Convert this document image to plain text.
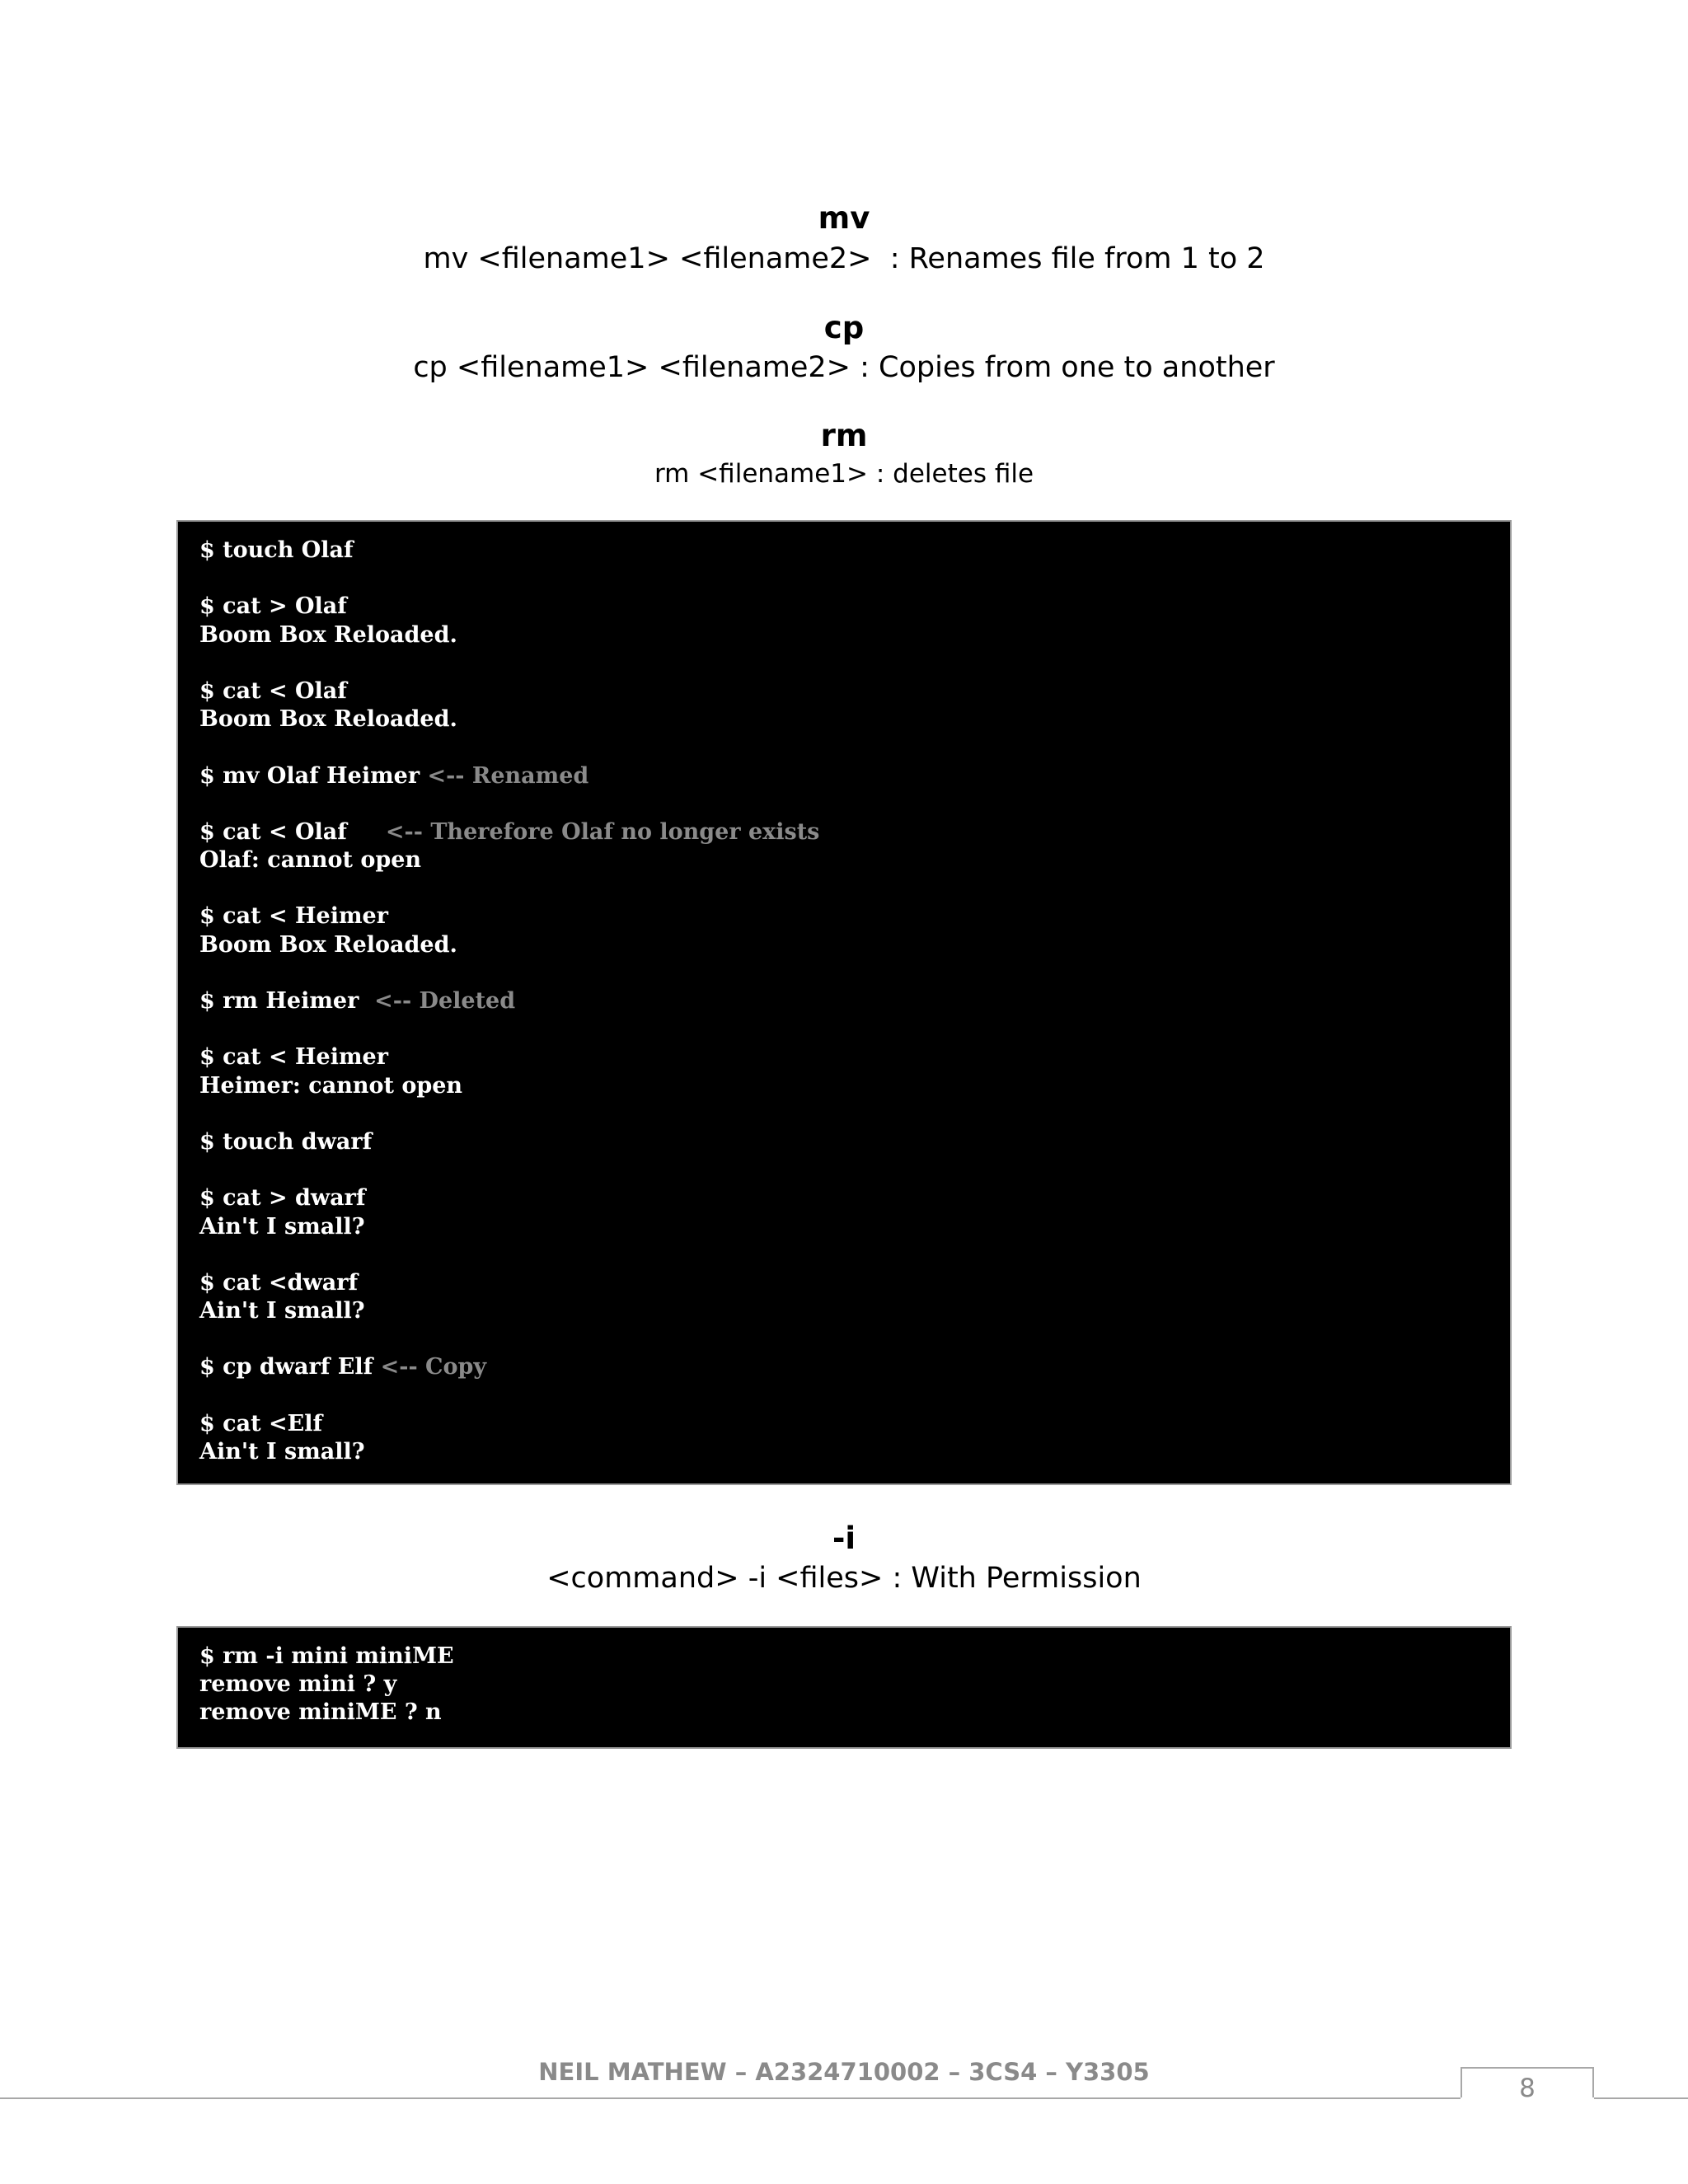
mv
mv <filename1> <filename2>  : Renames file from 1 to 2
cp
cp <filename1> <filename2> : Copies from one to another
rm
rm <filename1> : deletes file
$ touch Olaf
$ cat > Olaf
Boom Box Reloaded.
$ cat < Olaf
Boom Box Reloaded.
$ mv Olaf Heimer <-- Renamed
$ cat < Olaf     <-- Therefore Olaf no longer exists
Olaf: cannot open
$ cat < Heimer
Boom Box Reloaded.
$ rm Heimer  <-- Deleted
$ cat < Heimer
Heimer: cannot open
$ touch dwarf
$ cat > dwarf
Ain't I small?
$ cat <dwarf
Ain't I small?
$ cp dwarf Elf <-- Copy
$ cat <Elf
Ain't I small?
-i
<command> -i <files> : With Permission
$ rm -i mini miniME
remove mini ? y
remove miniME ? n
8
NEIL MATHEW – A2324710002 – 3CS4 – Y3305
